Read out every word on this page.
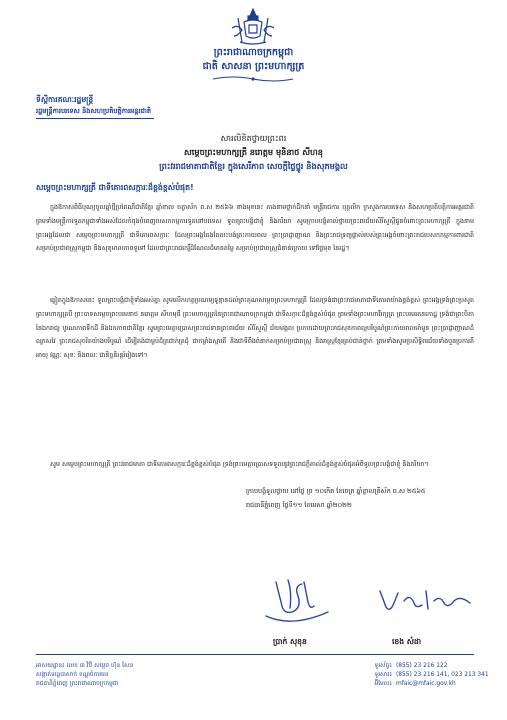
ព្រះរាជាណាចក្រកម្ពុជា
ជាតិ សាសនា ព្រះមហាក្សត្រ
ទីស្តីការគណៈរដ្ឋមន្ត្រី
រដ្ឋមន្ត្រីការបរទេស និងសហប្រតិបត្តិការអន្តរជាតិ
សារលិខិតថ្វាយព្រះពរ
សម្តេចព្រះមហាក្សត្រី នរោត្តម មុនិនាថ សីហនុ
ព្រះវររាជមាតាជាតិខ្មែរ ក្នុងសេរីភាព សេចក្តីថ្លៃថ្នូរ និងសុភមង្គល
សម្តេចព្រះមហាក្សត្រី ជាទីគោរពសក្ការៈដ៏ខ្ពង់ខ្ពស់បំផុត!

ក្នុងឱកាសពិធីបុណ្យចូលឆ្នាំថ្មីប្រពៃណីជាតិខ្មែរ ឆ្នាំខាល ចត្វាស័ក ព.ស ២៥៦៦ ខាងមុខនេះ តាងនាមថ្នាក់ដឹកនាំ មន្ត្រីរាជការ បុគ្គលិក ក្រសួងការបរទេស និងសហប្រតិបត្តិការអន្តរជាតិ ព្រមទាំងមន្ត្រីការទូតកម្ពុជាទាំងអស់ដែលកំពុងបំពេញបេសកកម្មការទូតនៅបរទេស ទូលព្រះបង្គំជាខ្ញុំ និងភរិយា សូមក្រាបបង្គំគាល់ថ្វាយព្រះពរជ័យសិរីសួស្តីជូនចំពោះព្រះមហាក្សត្រី ក្នុងនាមព្រះអង្គដែលជា សម្តេចព្រះមហាក្សត្រី ជាទីគោរពសក្ការៈ ដែលព្រះអង្គតែងតែលះបង់ព្រះកាយពល ព្រះប្រាជ្ញាញាណ និងព្រះរាជទ្រព្យផ្ទាល់របស់ព្រះអង្គចំពោះព្រះរាជបេសកកម្មការពារជាតិ សម្រាប់ប្រជារាស្ត្រកម្ពុជា និងសុខុមាលភាពទូទៅ ដែលជាព្រះរាជកេរ្តិ៍ដំណែលដ៏មានតម្លៃ សម្រាប់ប្រជារាស្ត្រជំនាន់ក្រោយ ទៅថ្ងៃមុខ នៃរដ្ឋ។

ឆ្លៀតក្នុងឱកាសនេះ ទូលព្រះបង្គំជាខ្ញុំទាំងអស់គ្នា សូមលើកហត្ថប្រណម្យទូន្មានដល់ព្រះគុណសម្តេចព្រះមហាក្សត្រី ដែលទ្រង់ជាព្រះរាជមាតាជាទីគោរពយ៉ាងខ្ពង់ខ្ពស់ ព្រះអង្គទ្រង់ព្រះប្រសូតព្រះមហាក្សត្របី ព្រះបាទសម្តេចព្រះបរមនាថ នរោត្តម សីហមុនី ព្រះមហាក្សត្រនៃព្រះរាជាណាចក្រកម្ពុជា ជាទីសក្ការៈដ៏ខ្ពង់ខ្ពស់បំផុត ព្រមទាំងព្រះមហាវីរក្សត្រ ព្រះបរមរតនកោដ្ឋ ទ្រង់ជាព្រះបិតានៃឯករាជ្យ បូរណភាពទឹកដី និងឯកភាពជាតិខ្មែរ សូមព្រះមេត្តាប្រោសព្រះរាជទានព្រះពរជ័យ សិរីសួស្តី ជ័យមង្គល ប្រកបដោយព្រះរាជសុខភាពល្អបរិបូណ៌ព្រះកាយពលមាំមួន ព្រះប្រាជ្ញាញាណដ៏ឈ្លាសវៃ ព្រះរាជសុចរិតយ៉ាងបរិបូណ៌ ដើម្បីគង់ជាម្លប់ដ៏ត្រជាក់ត្រជុំ ជាកម្លាំងស្មារតី និងជាទីពឹងពំនាក់សម្រាប់ប្រជារាស្ត្រ និងរាស្ត្រខ្មែរគ្រប់ជាន់ថ្នាក់ ព្រមទាំងសូមប្រសិទ្ធិពរជ័យទាំងបួនប្រការគឺ អាយុ វណ្ណៈ សុខៈ និងពលៈ ជានិច្ចនិរន្តរ៍រៀងទៅ។

សូម សម្តេចព្រះមហាក្សត្រី ព្រះវររាជមាតា ជាទីគោរពសក្ការៈដ៏ខ្ពង់ខ្ពស់បំផុត ទ្រង់ព្រះមេត្តាប្រោសទទួលនូវព្រះរាជក្តីគាល់ដ៏ខ្ពង់ខ្ពស់បំផុតអំពីទូលព្រះបង្គំជាខ្ញុំ និងភរិយា។

ក្រាបបង្គំទូលថ្វាយ នៅថ្ងៃ ច្រ ១០កើត ខែចេត្រ ឆ្នាំខ្លាលត្រីស័ក ព.ស ២៥៦៥
រាជធានីភ្នំពេញ ថ្ងៃទី១១ ខែមេសា ឆ្នាំ២០២២
ប្រាក់ សុខុន	ខេង សំដា
អាសយដ្ឋាន៖ លេខ ៣ វិថី សម្តេច ហ៊ុន សែន
សង្កាត់ទន្លេបាសាក់ ខណ្ឌចំការមន
រាជធានីភ្នំពេញ ព្រះរាជាណាចក្រកម្ពុជា
ទូរស័ព្ទ៖ (855) 23 216 122
ទូរសារ៖ (855) 23 216 141, 023 213 341
អ៊ីមែល៖ mfaic@mfaic.gov.kh
